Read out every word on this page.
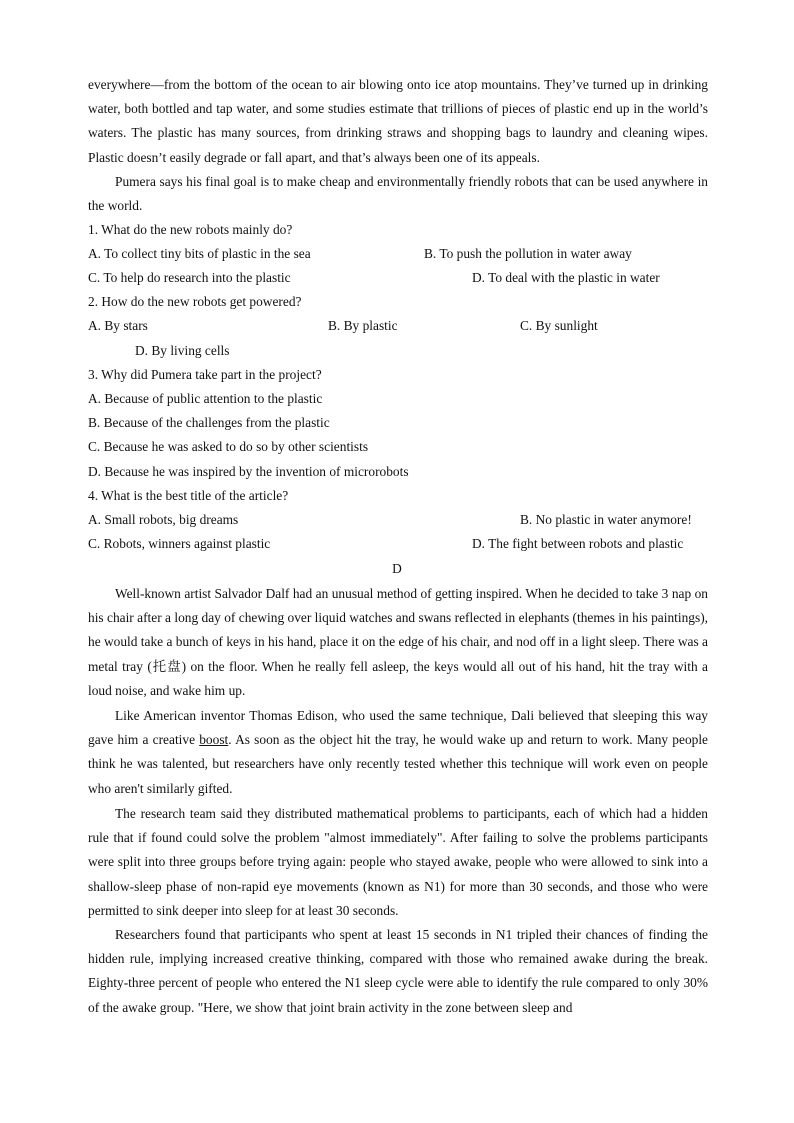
everywhere—from the bottom of the ocean to air blowing onto ice atop mountains. They’ve turned up in drinking water, both bottled and tap water, and some studies estimate that trillions of pieces of plastic end up in the world’s waters. The plastic has many sources, from drinking straws and shopping bags to laundry and cleaning wipes. Plastic doesn’t easily degrade or fall apart, and that’s always been one of its appeals.
Pumera says his final goal is to make cheap and environmentally friendly robots that can be used anywhere in the world.
1. What do the new robots mainly do?
A. To collect tiny bits of plastic in the sea	B. To push the pollution in water away
C. To help do research into the plastic	D. To deal with the plastic in water
2. How do the new robots get powered?
A. By stars	B. By plastic	C. By sunlight
D. By living cells
3. Why did Pumera take part in the project?
A. Because of public attention to the plastic
B. Because of the challenges from the plastic
C. Because he was asked to do so by other scientists
D. Because he was inspired by the invention of microrobots
4. What is the best title of the article?
A. Small robots, big dreams	B. No plastic in water anymore!
C. Robots, winners against plastic	D. The fight between robots and plastic
D
Well-known artist Salvador Dalf had an unusual method of getting inspired. When he decided to take 3 nap on his chair after a long day of chewing over liquid watches and swans reflected in elephants (themes in his paintings), he would take a bunch of keys in his hand, place it on the edge of his chair, and nod off in a light sleep. There was a metal tray (托盘) on the floor. When he really fell asleep, the keys would all out of his hand, hit the tray with a loud noise, and wake him up.
Like American inventor Thomas Edison, who used the same technique, Dali believed that sleeping this way gave him a creative boost. As soon as the object hit the tray, he would wake up and return to work. Many people think he was talented, but researchers have only recently tested whether this technique will work even on people who aren't similarly gifted.
The research team said they distributed mathematical problems to participants, each of which had a hidden rule that if found could solve the problem "almost immediately". After failing to solve the problems participants were split into three groups before trying again: people who stayed awake, people who were allowed to sink into a shallow-sleep phase of non-rapid eye movements (known as N1) for more than 30 seconds, and those who were permitted to sink deeper into sleep for at least 30 seconds.
Researchers found that participants who spent at least 15 seconds in N1 tripled their chances of finding the hidden rule, implying increased creative thinking, compared with those who remained awake during the break. Eighty-three percent of people who entered the N1 sleep cycle were able to identify the rule compared to only 30% of the awake group. "Here, we show that joint brain activity in the zone between sleep and
